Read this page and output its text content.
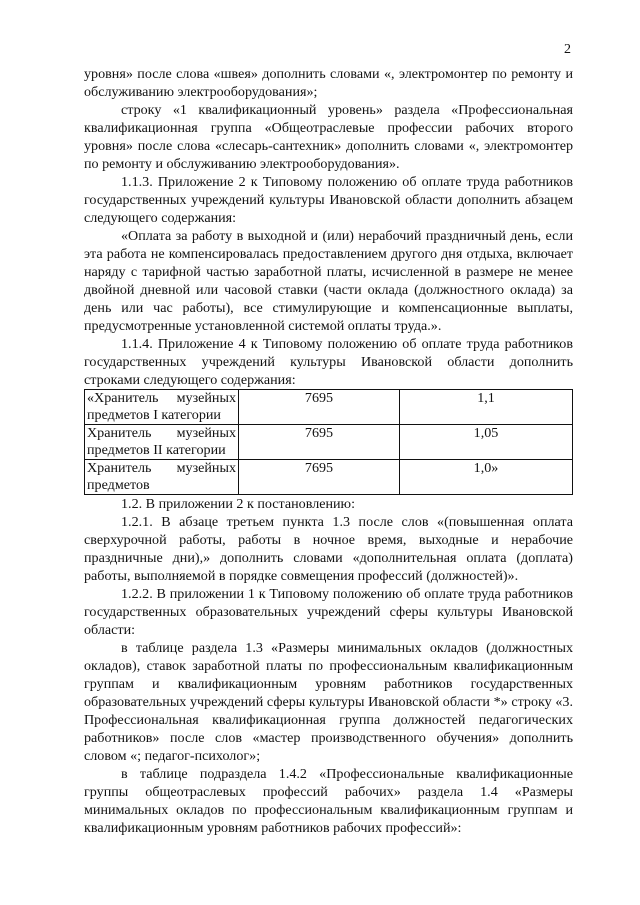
2

уровня» после слова «швея» дополнить словами «, электромонтер по ремонту и обслуживанию электрооборудования»;

строку «1 квалификационный уровень» раздела «Профессиональная квалификационная группа «Общеотраслевые профессии рабочих второго уровня» после слова «слесарь-сантехник» дополнить словами «, электромонтер по ремонту и обслуживанию электрооборудования».

1.1.3. Приложение 2 к Типовому положению об оплате труда работников государственных учреждений культуры Ивановской области дополнить абзацем следующего содержания:

«Оплата за работу в выходной и (или) нерабочий праздничный день, если эта работа не компенсировалась предоставлением другого дня отдыха, включает наряду с тарифной частью заработной платы, исчисленной в размере не менее двойной дневной или часовой ставки (части оклада (должностного оклада) за день или час работы), все стимулирующие и компенсационные выплаты, предусмотренные установленной системой оплаты труда.».

1.1.4. Приложение 4 к Типовому положению об оплате труда работников государственных учреждений культуры Ивановской области дополнить строками следующего содержания:

«Хранитель музейных предметов I категории	7695	1,1
Хранитель музейных предметов II категории	7695	1,05
Хранитель музейных предметов	7695	1,0»

1.2. В приложении 2 к постановлению:

1.2.1. В абзаце третьем пункта 1.3 после слов «(повышенная оплата сверхурочной работы, работы в ночное время, выходные и нерабочие праздничные дни),» дополнить словами «дополнительная оплата (доплата) работы, выполняемой в порядке совмещения профессий (должностей)».

1.2.2. В приложении 1 к Типовому положению об оплате труда работников государственных образовательных учреждений сферы культуры Ивановской области:

в таблице раздела 1.3 «Размеры минимальных окладов (должностных окладов), ставок заработной платы по профессиональным квалификационным группам и квалификационным уровням работников государственных образовательных учреждений сферы культуры Ивановской области *» строку «3. Профессиональная квалификационная группа должностей педагогических работников» после слов «мастер производственного обучения» дополнить словом «; педагог-психолог»;

в таблице подраздела 1.4.2 «Профессиональные квалификационные группы общеотраслевых профессий рабочих» раздела 1.4 «Размеры минимальных окладов по профессиональным квалификационным группам и квалификационным уровням работников рабочих профессий»:
